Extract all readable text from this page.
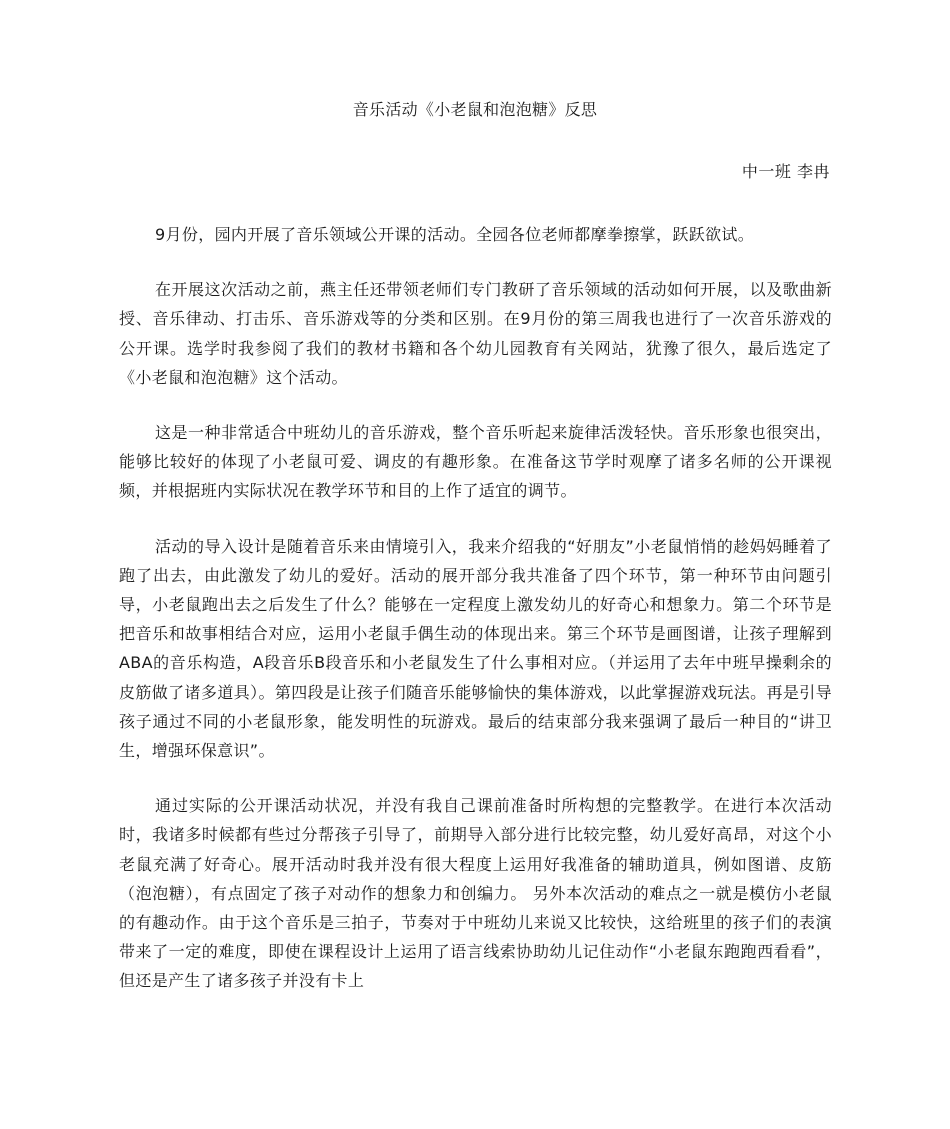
音乐活动《小老鼠和泡泡糖》反思
中一班 李冉

9月份，园内开展了音乐领域公开课的活动。全园各位老师都摩拳擦掌，跃跃欲试。

在开展这次活动之前，燕主任还带领老师们专门教研了音乐领域的活动如何开展，以及歌曲新授、音乐律动、打击乐、音乐游戏等的分类和区别。在9月份的第三周我也进行了一次音乐游戏的公开课。选学时我参阅了我们的教材书籍和各个幼儿园教育有关网站，犹豫了很久，最后选定了《小老鼠和泡泡糖》这个活动。

这是一种非常适合中班幼儿的音乐游戏，整个音乐听起来旋律活泼轻快。音乐形象也很突出，能够比较好的体现了小老鼠可爱、调皮的有趣形象。在准备这节学时观摩了诸多名师的公开课视频，并根据班内实际状况在教学环节和目的上作了适宜的调节。

活动的导入设计是随着音乐来由情境引入，我来介绍我的“好朋友”小老鼠悄悄的趁妈妈睡着了跑了出去，由此激发了幼儿的爱好。活动的展开部分我共准备了四个环节，第一种环节由问题引导，小老鼠跑出去之后发生了什么？能够在一定程度上激发幼儿的好奇心和想象力。第二个环节是把音乐和故事相结合对应，运用小老鼠手偶生动的体现出来。第三个环节是画图谱，让孩子理解到ABA的音乐构造，A段音乐B段音乐和小老鼠发生了什么事相对应。（并运用了去年中班早操剩余的皮筋做了诸多道具）。第四段是让孩子们随音乐能够愉快的集体游戏，以此掌握游戏玩法。再是引导孩子通过不同的小老鼠形象，能发明性的玩游戏。最后的结束部分我来强调了最后一种目的“讲卫生，增强环保意识”。

通过实际的公开课活动状况，并没有我自己课前准备时所构想的完整教学。在进行本次活动时，我诸多时候都有些过分帮孩子引导了，前期导入部分进行比较完整，幼儿爱好高昂，对这个小老鼠充满了好奇心。展开活动时我并没有很大程度上运用好我准备的辅助道具，例如图谱、皮筋（泡泡糖），有点固定了孩子对动作的想象力和创编力。 另外本次活动的难点之一就是模仿小老鼠的有趣动作。由于这个音乐是三拍子，节奏对于中班幼儿来说又比较快，这给班里的孩子们的表演带来了一定的难度，即使在课程设计上运用了语言线索协助幼儿记住动作“小老鼠东跑跑西看看”，但还是产生了诸多孩子并没有卡上
